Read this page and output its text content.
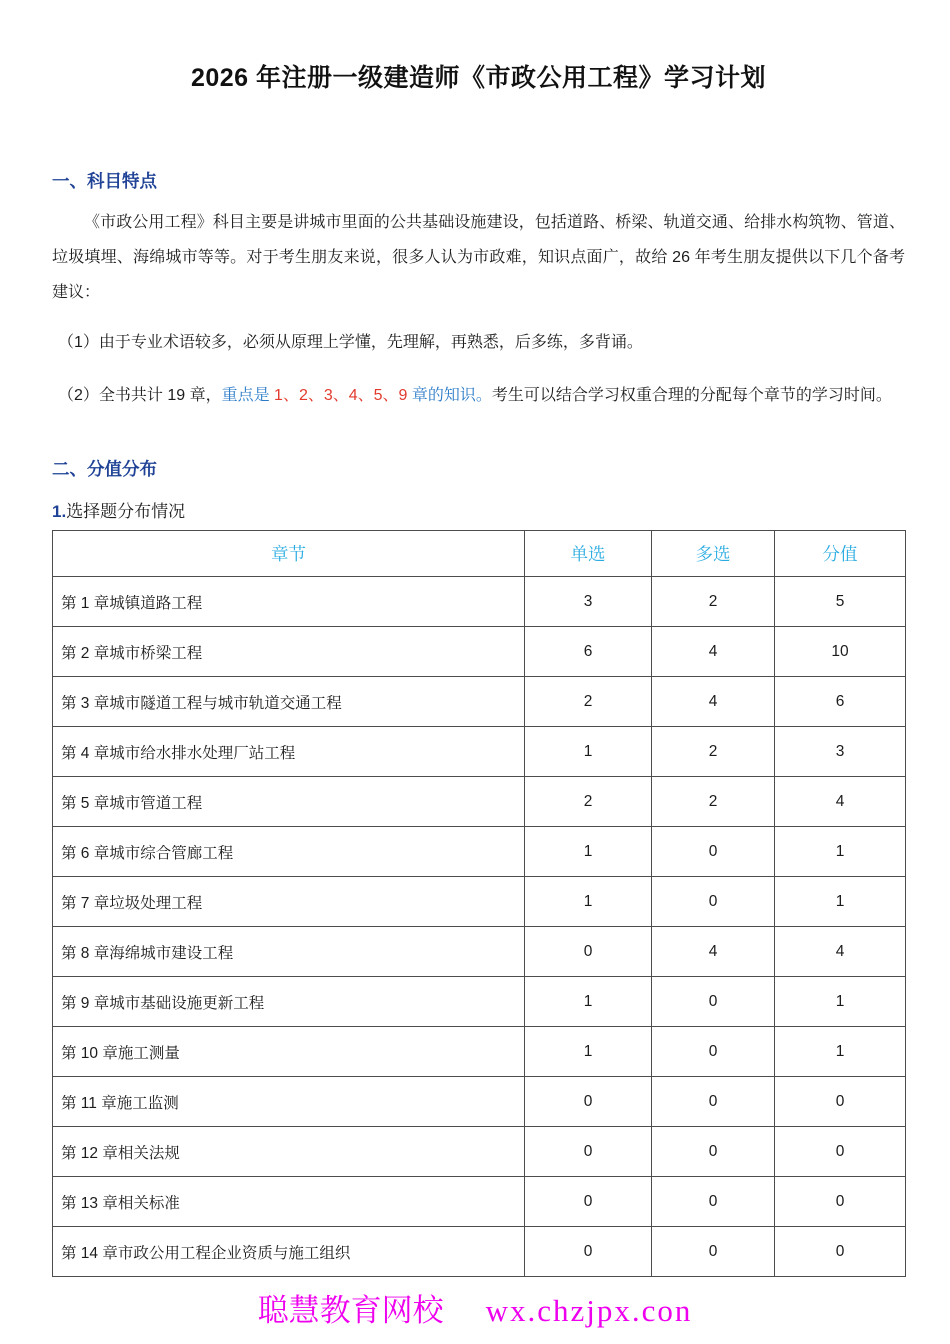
2026 年注册一级建造师《市政公用工程》学习计划
一、科目特点

《市政公用工程》科目主要是讲城市里面的公共基础设施建设，包括道路、桥梁、轨道交通、给排水构筑物、管道、垃圾填埋、海绵城市等等。对于考生朋友来说，很多人认为市政难，知识点面广，故给 26 年考生朋友提供以下几个备考建议：

（1）由于专业术语较多，必须从原理上学懂，先理解，再熟悉，后多练，多背诵。
（2）全书共计 19 章，重点是 1、2、3、4、5、9 章的知识。考生可以结合学习权重合理的分配每个章节的学习时间。
二、分值分布
1.选择题分布情况
章节	单选	多选	分值
第 1 章城镇道路工程	3	2	5
第 2 章城市桥梁工程	6	4	10
第 3 章城市隧道工程与城市轨道交通工程	2	4	6
第 4 章城市给水排水处理厂站工程	1	2	3
第 5 章城市管道工程	2	2	4
第 6 章城市综合管廊工程	1	0	1
第 7 章垃圾处理工程	1	0	1
第 8 章海绵城市建设工程	0	4	4
第 9 章城市基础设施更新工程	1	0	1
第 10 章施工测量	1	0	1
第 11 章施工监测	0	0	0
第 12 章相关法规	0	0	0
第 13 章相关标准	0	0	0
第 14 章市政公用工程企业资质与施工组织	0	0	0
聪慧教育网校 wx.chzjpx.con
